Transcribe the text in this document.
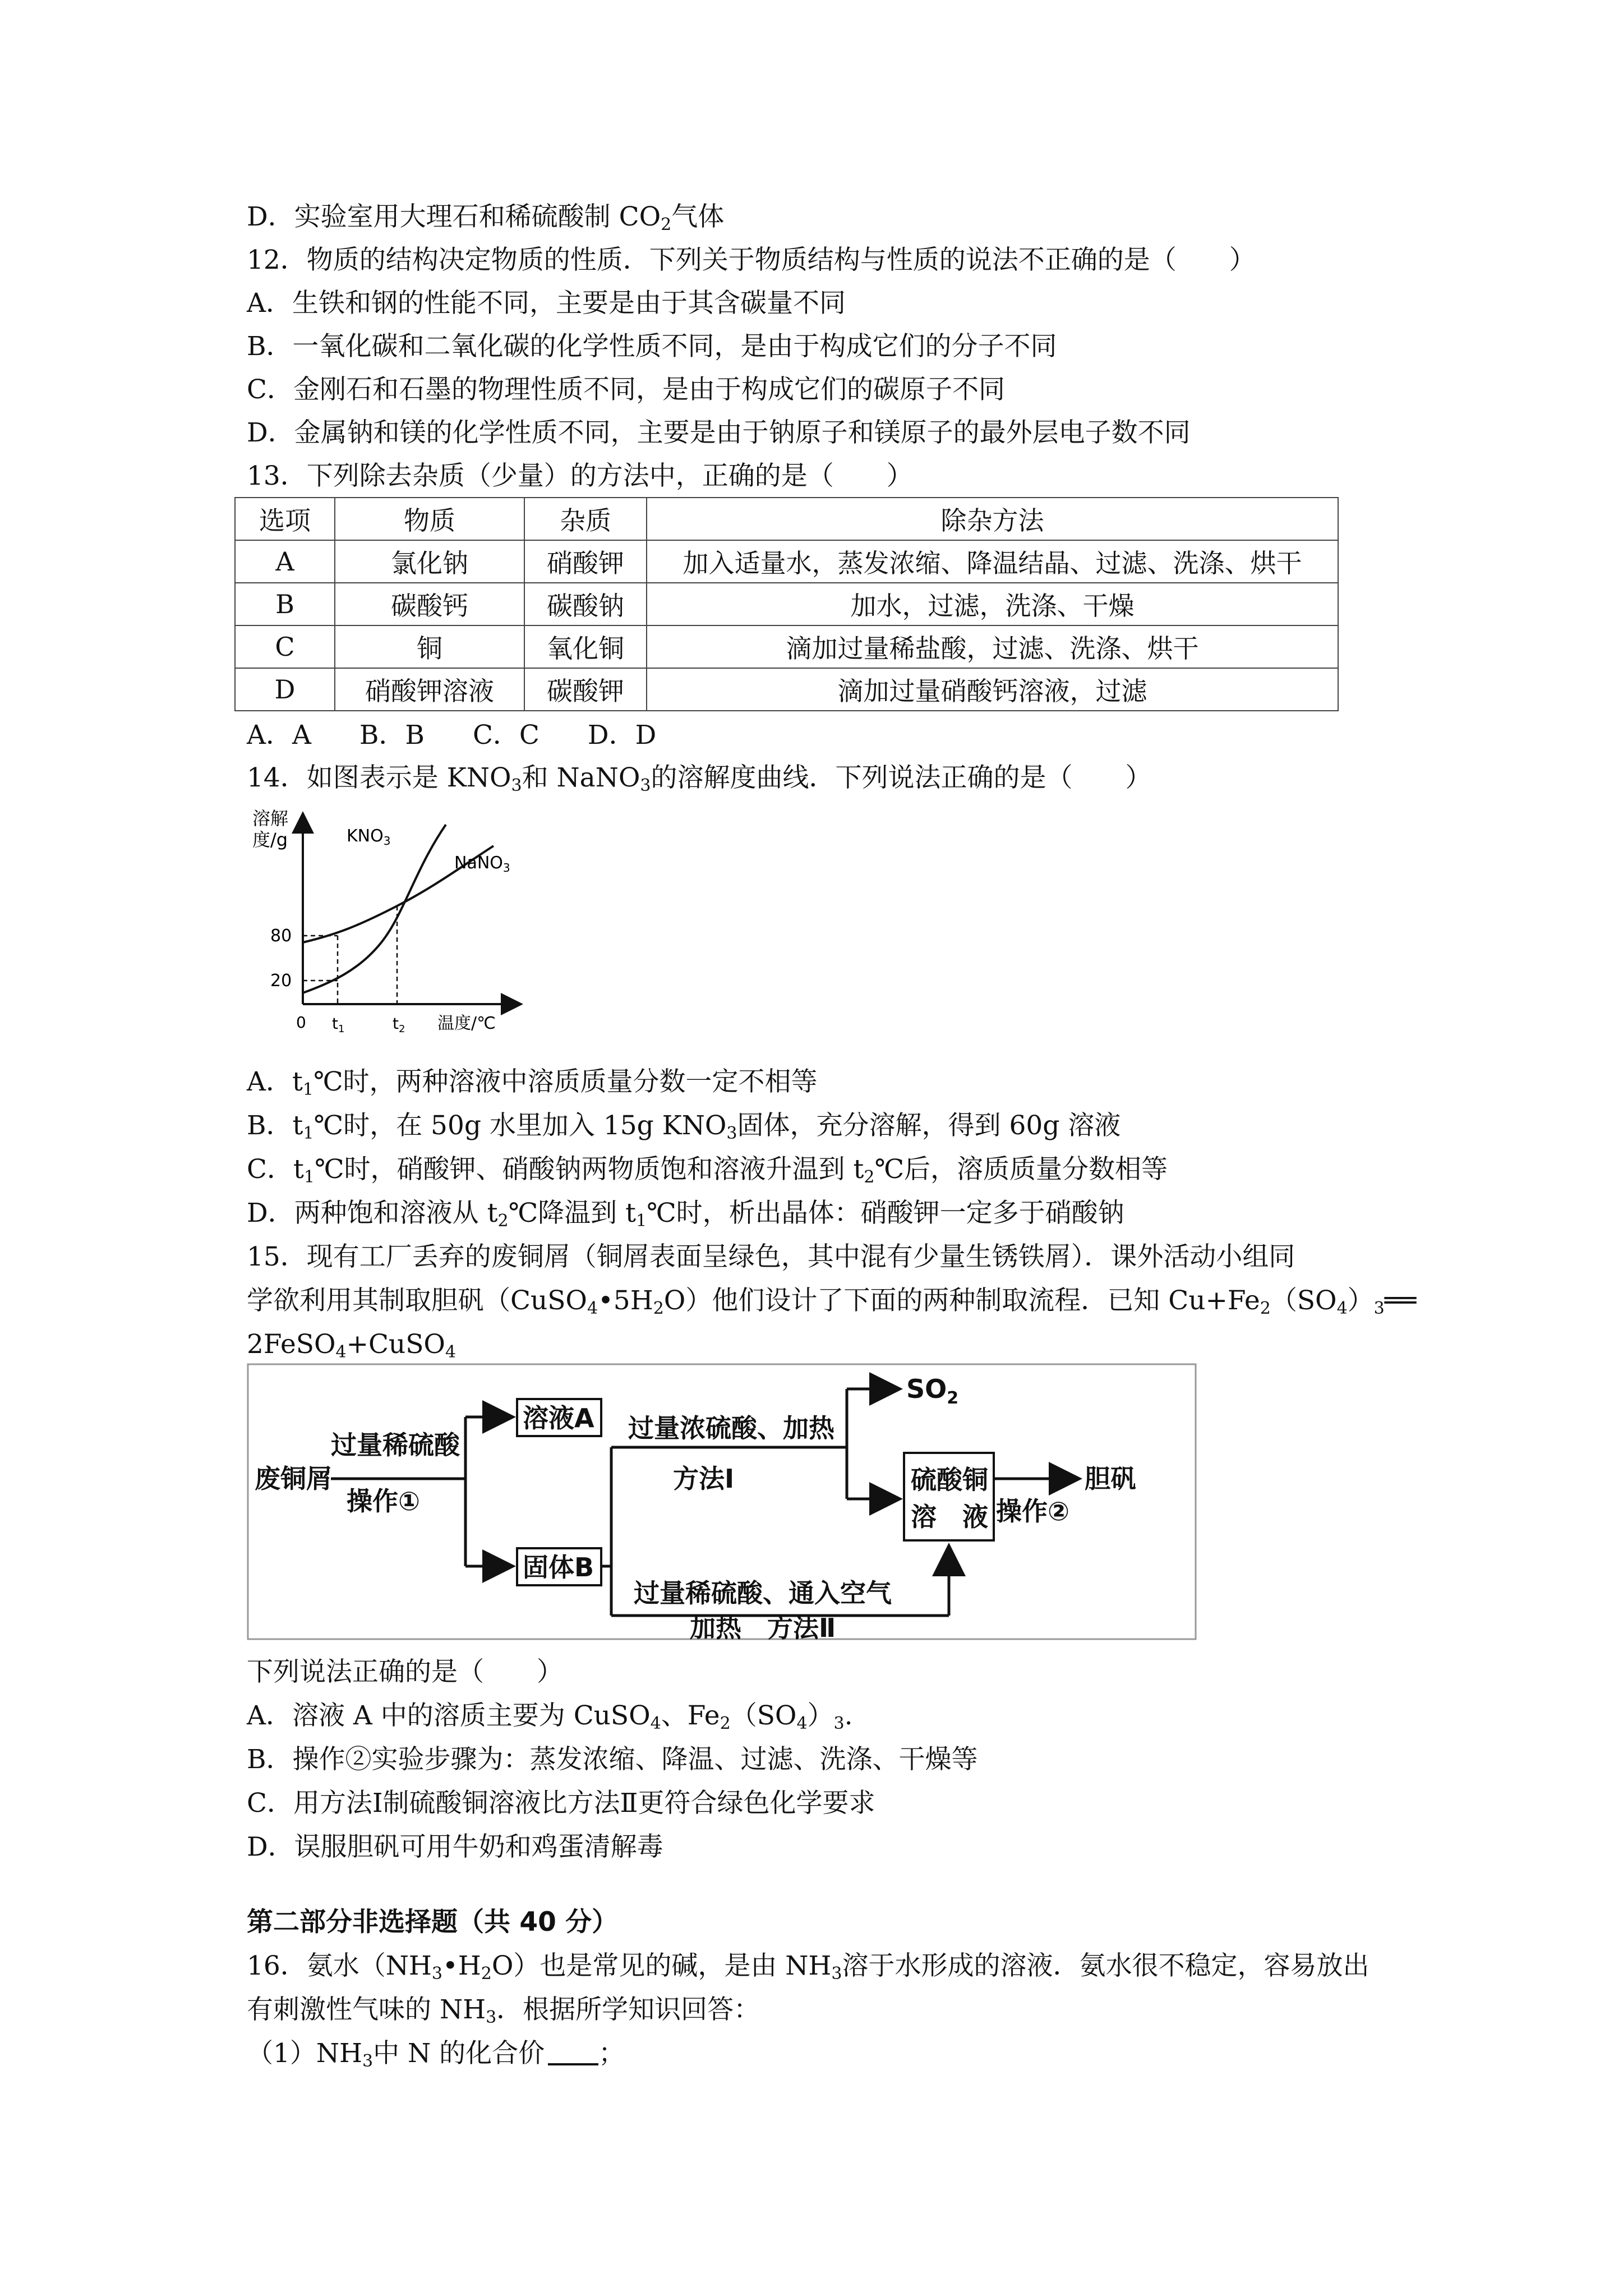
D．实验室用大理石和稀硫酸制 $CO_2$气体
12．物质的结构决定物质的性质．下列关于物质结构与性质的说法不正确的是（　　）
A．生铁和钢的性能不同，主要是由于其含碳量不同
B．一氧化碳和二氧化碳的化学性质不同，是由于构成它们的分子不同
C．金刚石和石墨的物理性质不同，是由于构成它们的碳原子不同
D．金属钠和镁的化学性质不同，主要是由于钠原子和镁原子的最外层电子数不同
13．下列除去杂质（少量）的方法中，正确的是（　　）
选项	物质	杂质	除杂方法
A	氯化钠	硝酸钾	加入适量水，蒸发浓缩、降温结晶、过滤、洗涤、烘干
B	碳酸钙	碳酸钠	加水，过滤，洗涤、干燥
C	铜	氧化铜	滴加过量稀盐酸，过滤、洗涤、烘干
D	硝酸钾溶液	碳酸钾	滴加过量硝酸钙溶液，过滤
A．A B．B C．C D．D
14．如图表示是 $KNO_3$和 NaNO$_3$的溶解度曲线．下列说法正确的是（　　）
溶解
度/g
80
20
0 $t_1$	$t_2$ 温度/℃
$KNO_3$
NaNO$_3$
A．$t_1℃$时，两种溶液中溶质质量分数一定不相等
B．$t_1℃$时，在 50g 水里加入 15g $KNO_3$固体，充分溶解，得到 60g 溶液
C．$t_1℃$时，硝酸钾、硝酸钠两物质饱和溶液升温到 $t_2℃$后，溶质质量分数相等
D．两种饱和溶液从 $t_2℃$降温到 $t_1℃$时，析出晶体：硝酸钾一定多于硝酸钠
15．现有工厂丢弃的废铜屑（铜屑表面呈绿色，其中混有少量生锈铁屑）．课外活动小组同
学欲利用其制取胆矾$(CuSO_4•5H_2O)$他们设计了下面的两种制取流程．已知 $Cu+Fe_2(SO_4)_3══$
2FeSO$_4$+CuSO$_4$
废铜屑
过量稀硫酸
操作①
溶液A
固体B
过量浓硫酸、加热
方法Ⅰ
$SO_2$
硫酸铜
溶　液 操作②
胆矾
过量稀硫酸、通入空气
加热　方法Ⅱ
下列说法正确的是（　　）
A．溶液 A 中的溶质主要为 CuSO$_4$、$Fe_2(SO_4)_3$.
B．操作②实验步骤为：蒸发浓缩、降温、过滤、洗涤、干燥等
C．用方法Ⅰ制硫酸铜溶液比方法Ⅱ更符合绿色化学要求
D．误服胆矾可用牛奶和鸡蛋清解毒
第二部分非选择题（共 40 分）
16．氨水$(NH_3•H_2O)$也是常见的碱，是由 $NH_3$溶于水形成的溶液．氨水很不稳定，容易放出
有刺激性气味的 $NH_3$．根据所学知识回答：
$(1)NH_3$中 N 的化合价 ；
